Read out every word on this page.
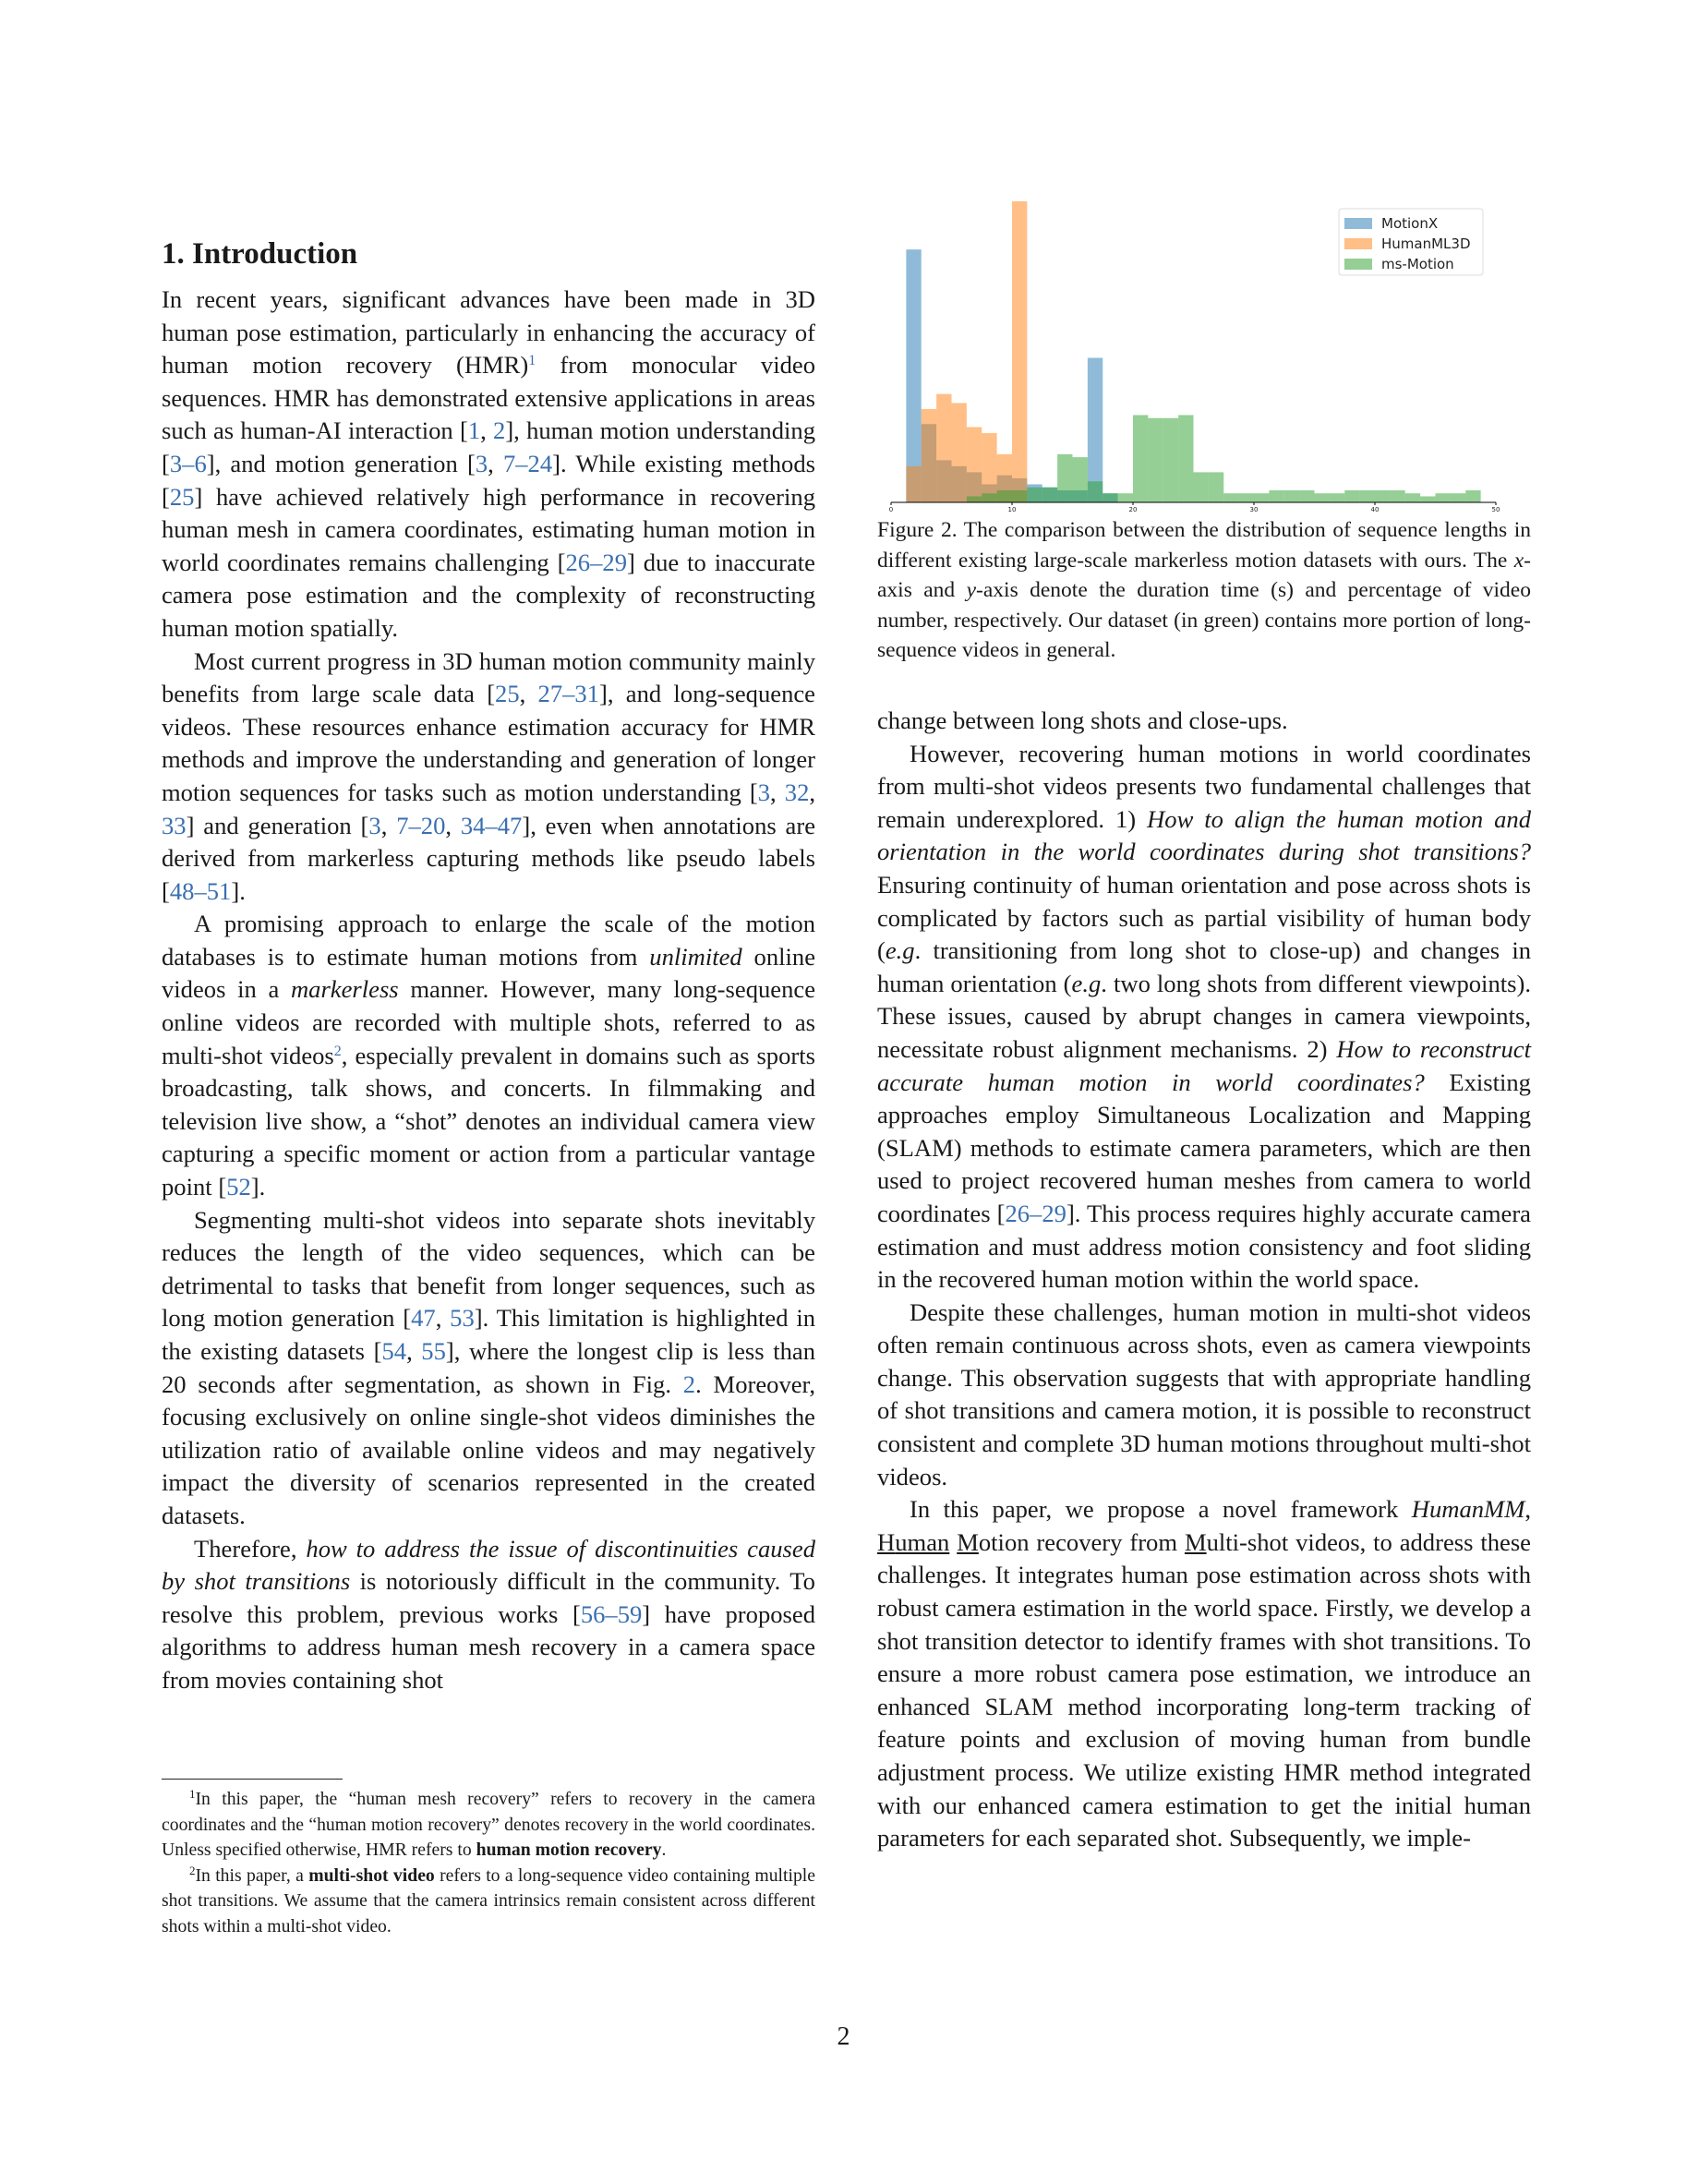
1. Introduction

In recent years, significant advances have been made in 3D human pose estimation, particularly in enhancing the accuracy of human motion recovery (HMR)$^1$ from monocular video sequences. HMR has demonstrated extensive applications in areas such as human-AI interaction [1, 2], human motion understanding [3–6], and motion generation [3, 7–24]. While existing methods [25] have achieved relatively high performance in recovering human mesh in camera coordinates, estimating human motion in world coordinates remains challenging [26–29] due to inaccurate camera pose estimation and the complexity of reconstructing human motion spatially.

Most current progress in 3D human motion community mainly benefits from large scale data [25, 27–31], and long-sequence videos. These resources enhance estimation accuracy for HMR methods and improve the understanding and generation of longer motion sequences for tasks such as motion understanding [3, 32, 33] and generation [3, 7–20, 34–47], even when annotations are derived from markerless capturing methods like pseudo labels [48–51].

A promising approach to enlarge the scale of the motion databases is to estimate human motions from unlimited online videos in a markerless manner. However, many long-sequence online videos are recorded with multiple shots, referred to as multi-shot videos$^2$, especially prevalent in domains such as sports broadcasting, talk shows, and concerts. In filmmaking and television live show, a “shot” denotes an individual camera view capturing a specific moment or action from a particular vantage point [52].

Segmenting multi-shot videos into separate shots inevitably reduces the length of the video sequences, which can be detrimental to tasks that benefit from longer sequences, such as long motion generation [47, 53]. This limitation is highlighted in the existing datasets [54, 55], where the longest clip is less than 20 seconds after segmentation, as shown in Fig. 2. Moreover, focusing exclusively on online single-shot videos diminishes the utilization ratio of available online videos and may negatively impact the diversity of scenarios represented in the created datasets.

Therefore, how to address the issue of discontinuities caused by shot transitions is notoriously difficult in the community. To resolve this problem, previous works [56–59] have proposed algorithms to address human mesh recovery in a camera space from movies containing shot

$^1$In this paper, the “human mesh recovery” refers to recovery in the camera coordinates and the “human motion recovery” denotes recovery in the world coordinates. Unless specified otherwise, HMR refers to human motion recovery.

$^2$In this paper, a multi-shot video refers to a long-sequence video containing multiple shot transitions. We assume that the camera intrinsics remain consistent across different shots within a multi-shot video.

0	10	20	30	40	50
MotionX
HumanML3D
ms-Motion
Figure 2. The comparison between the distribution of sequence lengths in different existing large-scale markerless motion datasets with ours. The x-axis and y-axis denote the duration time (s) and percentage of video number, respectively. Our dataset (in green) contains more portion of long-sequence videos in general.

change between long shots and close-ups.

However, recovering human motions in world coordinates from multi-shot videos presents two fundamental challenges that remain underexplored. 1) How to align the human motion and orientation in the world coordinates during shot transitions? Ensuring continuity of human orientation and pose across shots is complicated by factors such as partial visibility of human body (e.g. transitioning from long shot to close-up) and changes in human orientation (e.g. two long shots from different viewpoints). These issues, caused by abrupt changes in camera viewpoints, necessitate robust alignment mechanisms. 2) How to reconstruct accurate human motion in world coordinates? Existing approaches employ Simultaneous Localization and Mapping (SLAM) methods to estimate camera parameters, which are then used to project recovered human meshes from camera to world coordinates [26–29]. This process requires highly accurate camera estimation and must address motion consistency and foot sliding in the recovered human motion within the world space.

Despite these challenges, human motion in multi-shot videos often remain continuous across shots, even as camera viewpoints change. This observation suggests that with appropriate handling of shot transitions and camera motion, it is possible to reconstruct consistent and complete 3D human motions throughout multi-shot videos.

In this paper, we propose a novel framework HumanMM, Human Motion recovery from Multi-shot videos, to address these challenges. It integrates human pose estimation across shots with robust camera estimation in the world space. Firstly, we develop a shot transition detector to identify frames with shot transitions. To ensure a more robust camera pose estimation, we introduce an enhanced SLAM method incorporating long-term tracking of feature points and exclusion of moving human from bundle adjustment process. We utilize existing HMR method integrated with our enhanced camera estimation to get the initial human parameters for each separated shot. Subsequently, we imple-

2
